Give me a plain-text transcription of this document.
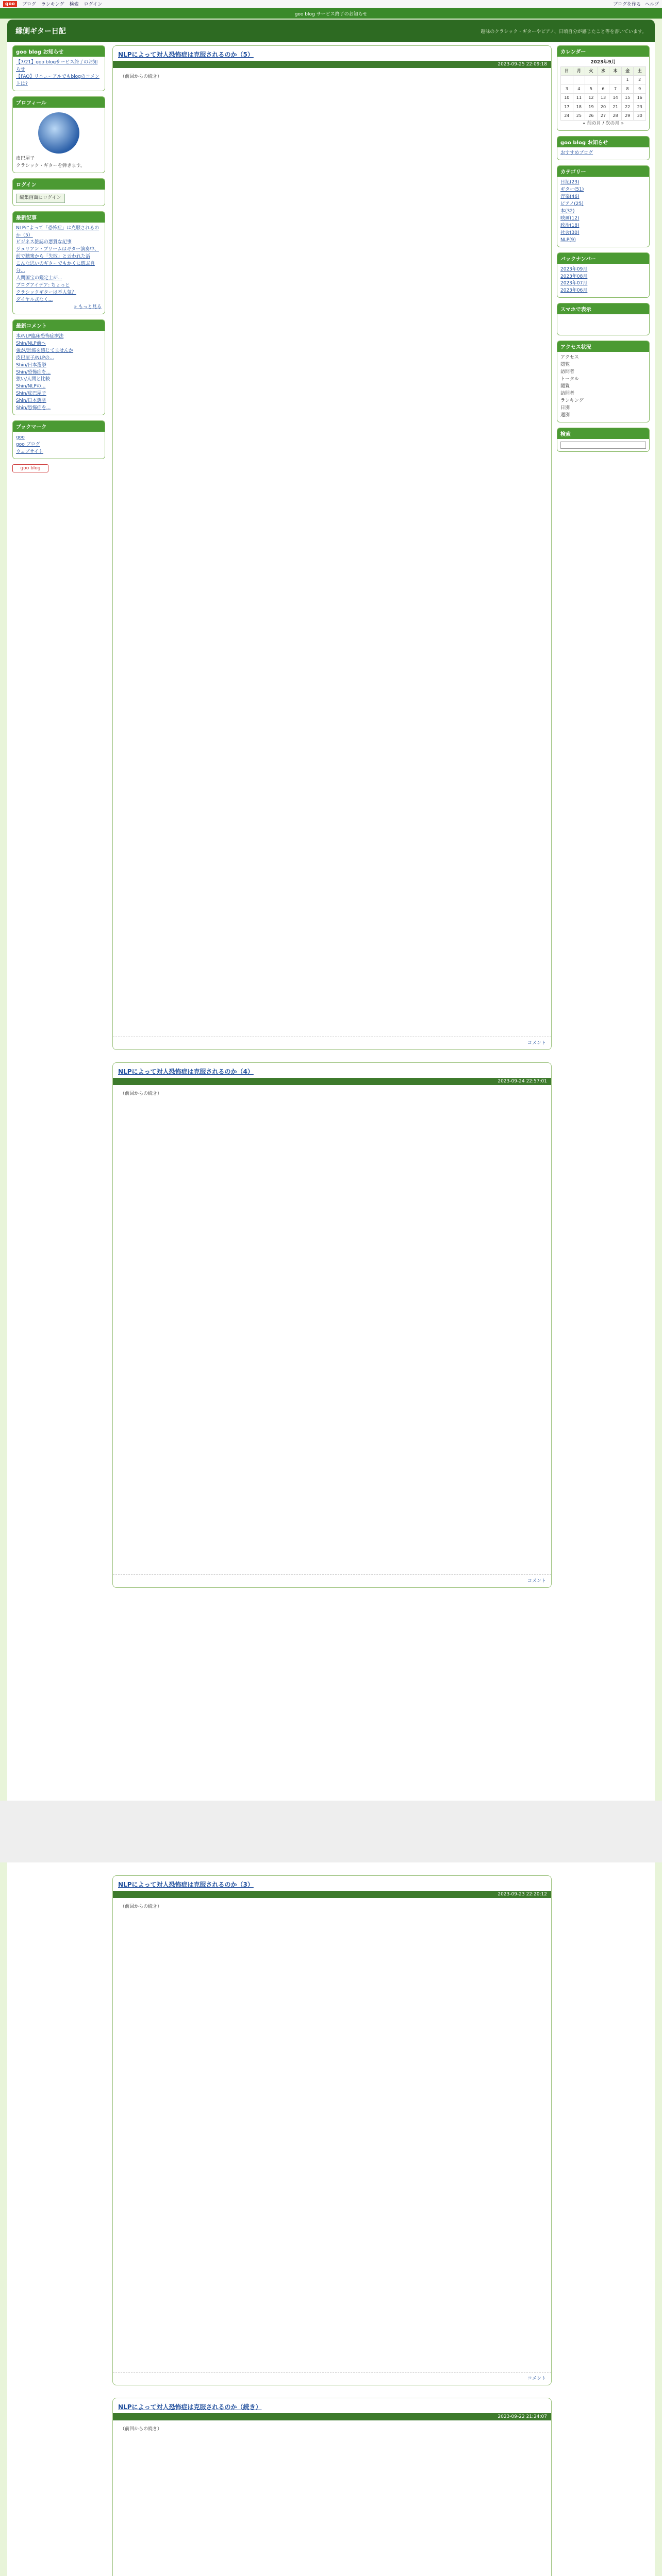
goo	ブログ ランキング 検索 ログイン	ブログを作る ヘルプ
goo blog サービス終了のお知らせ
縁側ギター日記	趣味のクラシック・ギターやピアノ、日頃自分が感じたこと等を書いています。
goo blog お知らせ
【7/21】goo blogサービス終了のお知らせ
【FAQ】リニューアルでもblogのコメントは?
プロフィール
皮巴屋子
クラシック・ギターを弾きます。
ログイン
編集画面にログイン
最新記事
NLPによって「恐怖症」は克服されるのか（5）
ビジネス雑誌の悪質な記事
ジュリアン・ブリームはギター演奏中、前で聴衆から「失敗」と云われた話
こんな思いのギターでもかくに遊ぶ自分...
人間国宝の鑑定士が...
ブログアイデア: ちょっと
クラシックギターは不人気？
ダイヤル式なく...
» もっと見る
最新コメント
本/NLP臨床恐怖症療法
Shin/NLP前へ
強が/恐怖を感じてませんか
皮巴屋子/NLPの...
Shin/日本選挙
Shin/恐怖症を...
強い/人間と比較
Shin/NLPの...
Shin/皮巴屋子
Shin/日本選挙
Shin/恐怖症を...
ブックマーク
goo
goo ブログ
ウェブサイト
goo blog
NLPによって対人恐怖症は克服されるのか（5）
2023-09-25 22:09:18

（前回からの続き）

コメント
NLPによって対人恐怖症は克服されるのか（4）
2023-09-24 22:57:01

（前回からの続き）

コメント
カレンダー
2023年9月
日	月	火	水	木	金	土
					1	2
3	4	5	6	7	8	9
10	11	12	13	14	15	16
17	18	19	20	21	22	23
24	25	26	27	28	29	30
« 前の月 / 次の月 »
goo blog お知らせ
おすすめブログ
カテゴリー
日記(23)
ギター(51)
音楽(46)
ピアノ(25)
本(32)
映画(12)
政治(18)
社会(30)
NLP(9)
バックナンバー
2023年09月
2023年08月
2023年07月
2023年06月
スマホで表示
アクセス状況
アクセス
閲覧
訪問者
トータル
閲覧
訪問者
ランキング
日別
週別
検索
NLPによって対人恐怖症は克服されるのか（3）
2023-09-23 22:20:12

（前回からの続き）

コメント
NLPによって対人恐怖症は克服されるのか（続き）
2023-09-22 21:24:07

（前回からの続き）
